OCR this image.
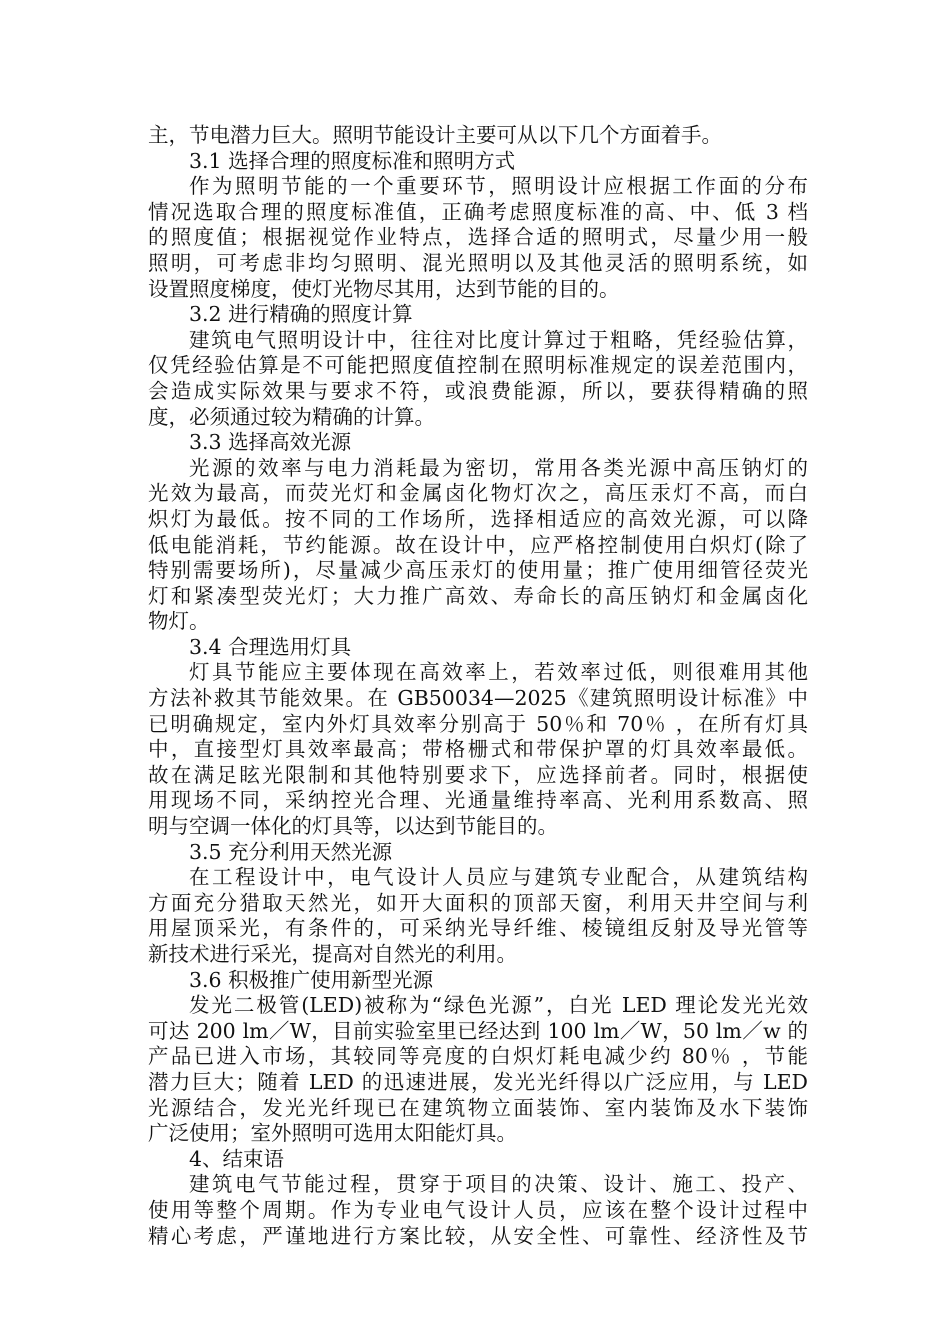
主，节电潜力巨大。照明节能设计主要可从以下几个方面着手。
3.1 选择合理的照度标准和照明方式
作为照明节能的一个重要环节，照明设计应根据工作面的分布
情况选取合理的照度标准值，正确考虑照度标准的高、中、低 3 档
的照度值；根据视觉作业特点，选择合适的照明式，尽量少用一般
照明，可考虑非均匀照明、混光照明以及其他灵活的照明系统，如
设置照度梯度，使灯光物尽其用，达到节能的目的。
3.2 进行精确的照度计算
建筑电气照明设计中，往往对比度计算过于粗略，凭经验估算，
仅凭经验估算是不可能把照度值控制在照明标准规定的误差范围内，
会造成实际效果与要求不符，或浪费能源，所以，要获得精确的照
度，必须通过较为精确的计算。
3.3 选择高效光源
光源的效率与电力消耗最为密切，常用各类光源中高压钠灯的
光效为最高，而荧光灯和金属卤化物灯次之，高压汞灯不高，而白
炽灯为最低。按不同的工作场所，选择相适应的高效光源，可以降
低电能消耗，节约能源。故在设计中，应严格控制使用白炽灯(除了
特别需要场所)，尽量减少高压汞灯的使用量；推广使用细管径荧光
灯和紧凑型荧光灯；大力推广高效、寿命长的高压钠灯和金属卤化
物灯。
3.4 合理选用灯具
灯具节能应主要体现在高效率上，若效率过低，则很难用其他
方法补救其节能效果。在 GB50034—2025《建筑照明设计标准》中
已明确规定，室内外灯具效率分别高于 50％和 70％ ，在所有灯具
中，直接型灯具效率最高；带格栅式和带保护罩的灯具效率最低。
故在满足眩光限制和其他特别要求下，应选择前者。同时，根据使
用现场不同，采纳控光合理、光通量维持率高、光利用系数高、照
明与空调一体化的灯具等，以达到节能目的。
3.5 充分利用天然光源
在工程设计中，电气设计人员应与建筑专业配合，从建筑结构
方面充分猎取天然光，如开大面积的顶部天窗，利用天井空间与利
用屋顶采光，有条件的，可采纳光导纤维、棱镜组反射及导光管等
新技术进行采光，提高对自然光的利用。
3.6 积极推广使用新型光源
发光二极管(LED)被称为“绿色光源”，白光 LED 理论发光光效
可达 200 lm／W，目前实验室里已经达到 100 lm／W，50 lm／w 的
产品已进入市场，其较同等亮度的白炽灯耗电减少约 80％ ，节能
潜力巨大；随着 LED 的迅速进展，发光光纤得以广泛应用，与 LED
光源结合，发光光纤现已在建筑物立面装饰、室内装饰及水下装饰
广泛使用；室外照明可选用太阳能灯具。
4、结束语
建筑电气节能过程，贯穿于项目的决策、设计、施工、投产、
使用等整个周期。作为专业电气设计人员，应该在整个设计过程中
精心考虑，严谨地进行方案比较，从安全性、可靠性、经济性及节
